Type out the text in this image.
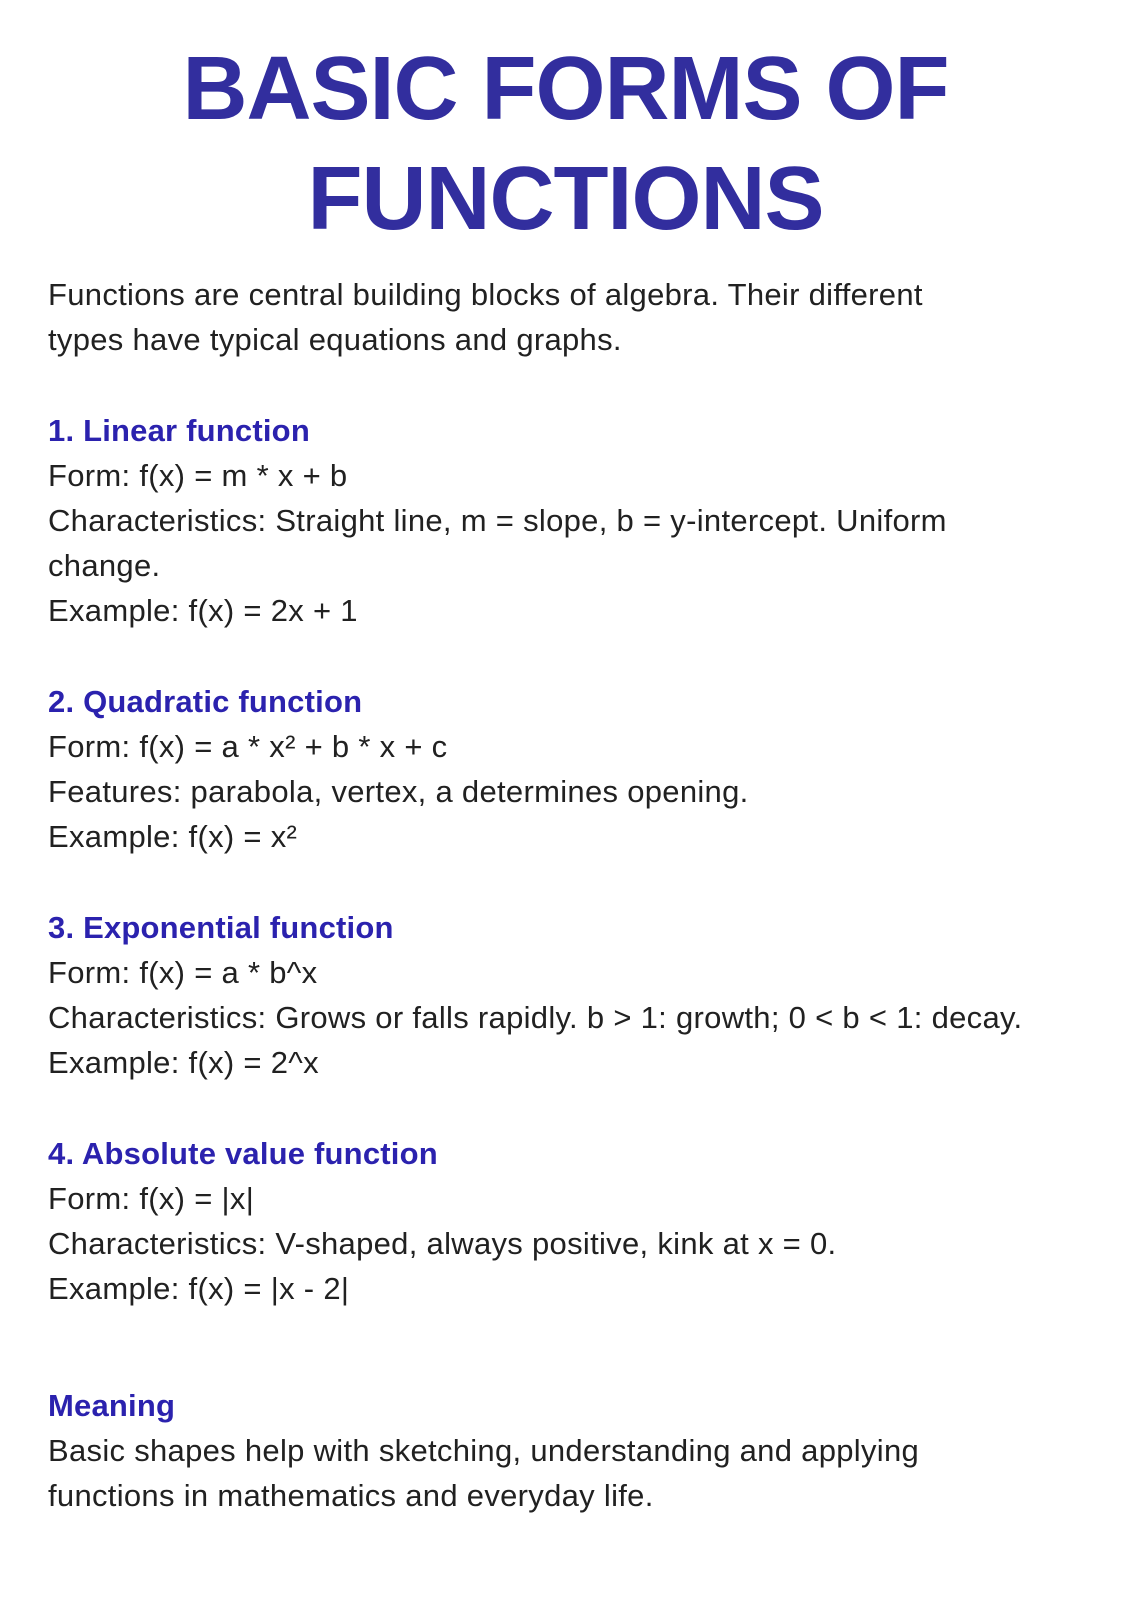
BASIC FORMS OF
FUNCTIONS

Functions are central building blocks of algebra. Their different

types have typical equations and graphs.

1. Linear function

Form: f(x) = m * x + b

Characteristics: Straight line, m = slope, b = y-intercept. Uniform

change.

Example: f(x) = 2x + 1

2. Quadratic function

Form: f(x) = a * x² + b * x + c

Features: parabola, vertex, a determines opening.

Example: f(x) = x²

3. Exponential function

Form: f(x) = a * b^x

Characteristics: Grows or falls rapidly. b > 1: growth; 0 < b < 1: decay.

Example: f(x) = 2^x

4. Absolute value function

Form: f(x) = |x|

Characteristics: V-shaped, always positive, kink at x = 0.

Example: f(x) = |x - 2|

Meaning

Basic shapes help with sketching, understanding and applying

functions in mathematics and everyday life.
